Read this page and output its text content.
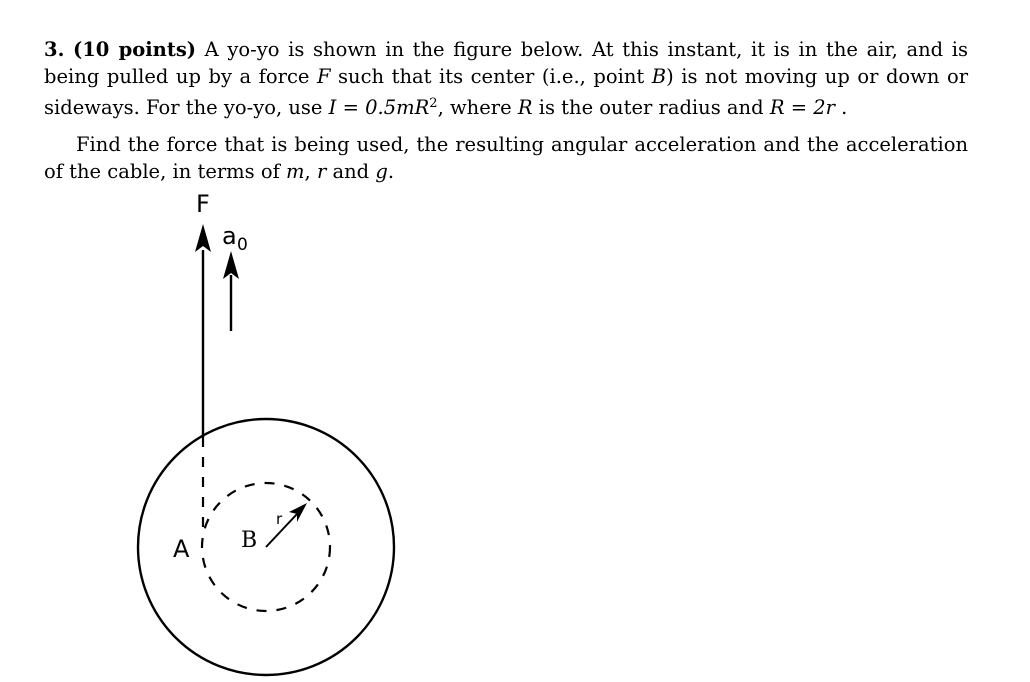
3. (10 points) A yo-yo is shown in the figure below. At this instant, it is in the air, and is being pulled up by a force F such that its center (i.e., point B) is not moving up or down or sideways. For the yo-yo, use $I = 0.5mR^2$, where R is the outer radius and R = 2r .

Find the force that is being used, the resulting angular acceleration and the acceleration of the cable, in terms of m, r and g.

F
a 0
A B
r
